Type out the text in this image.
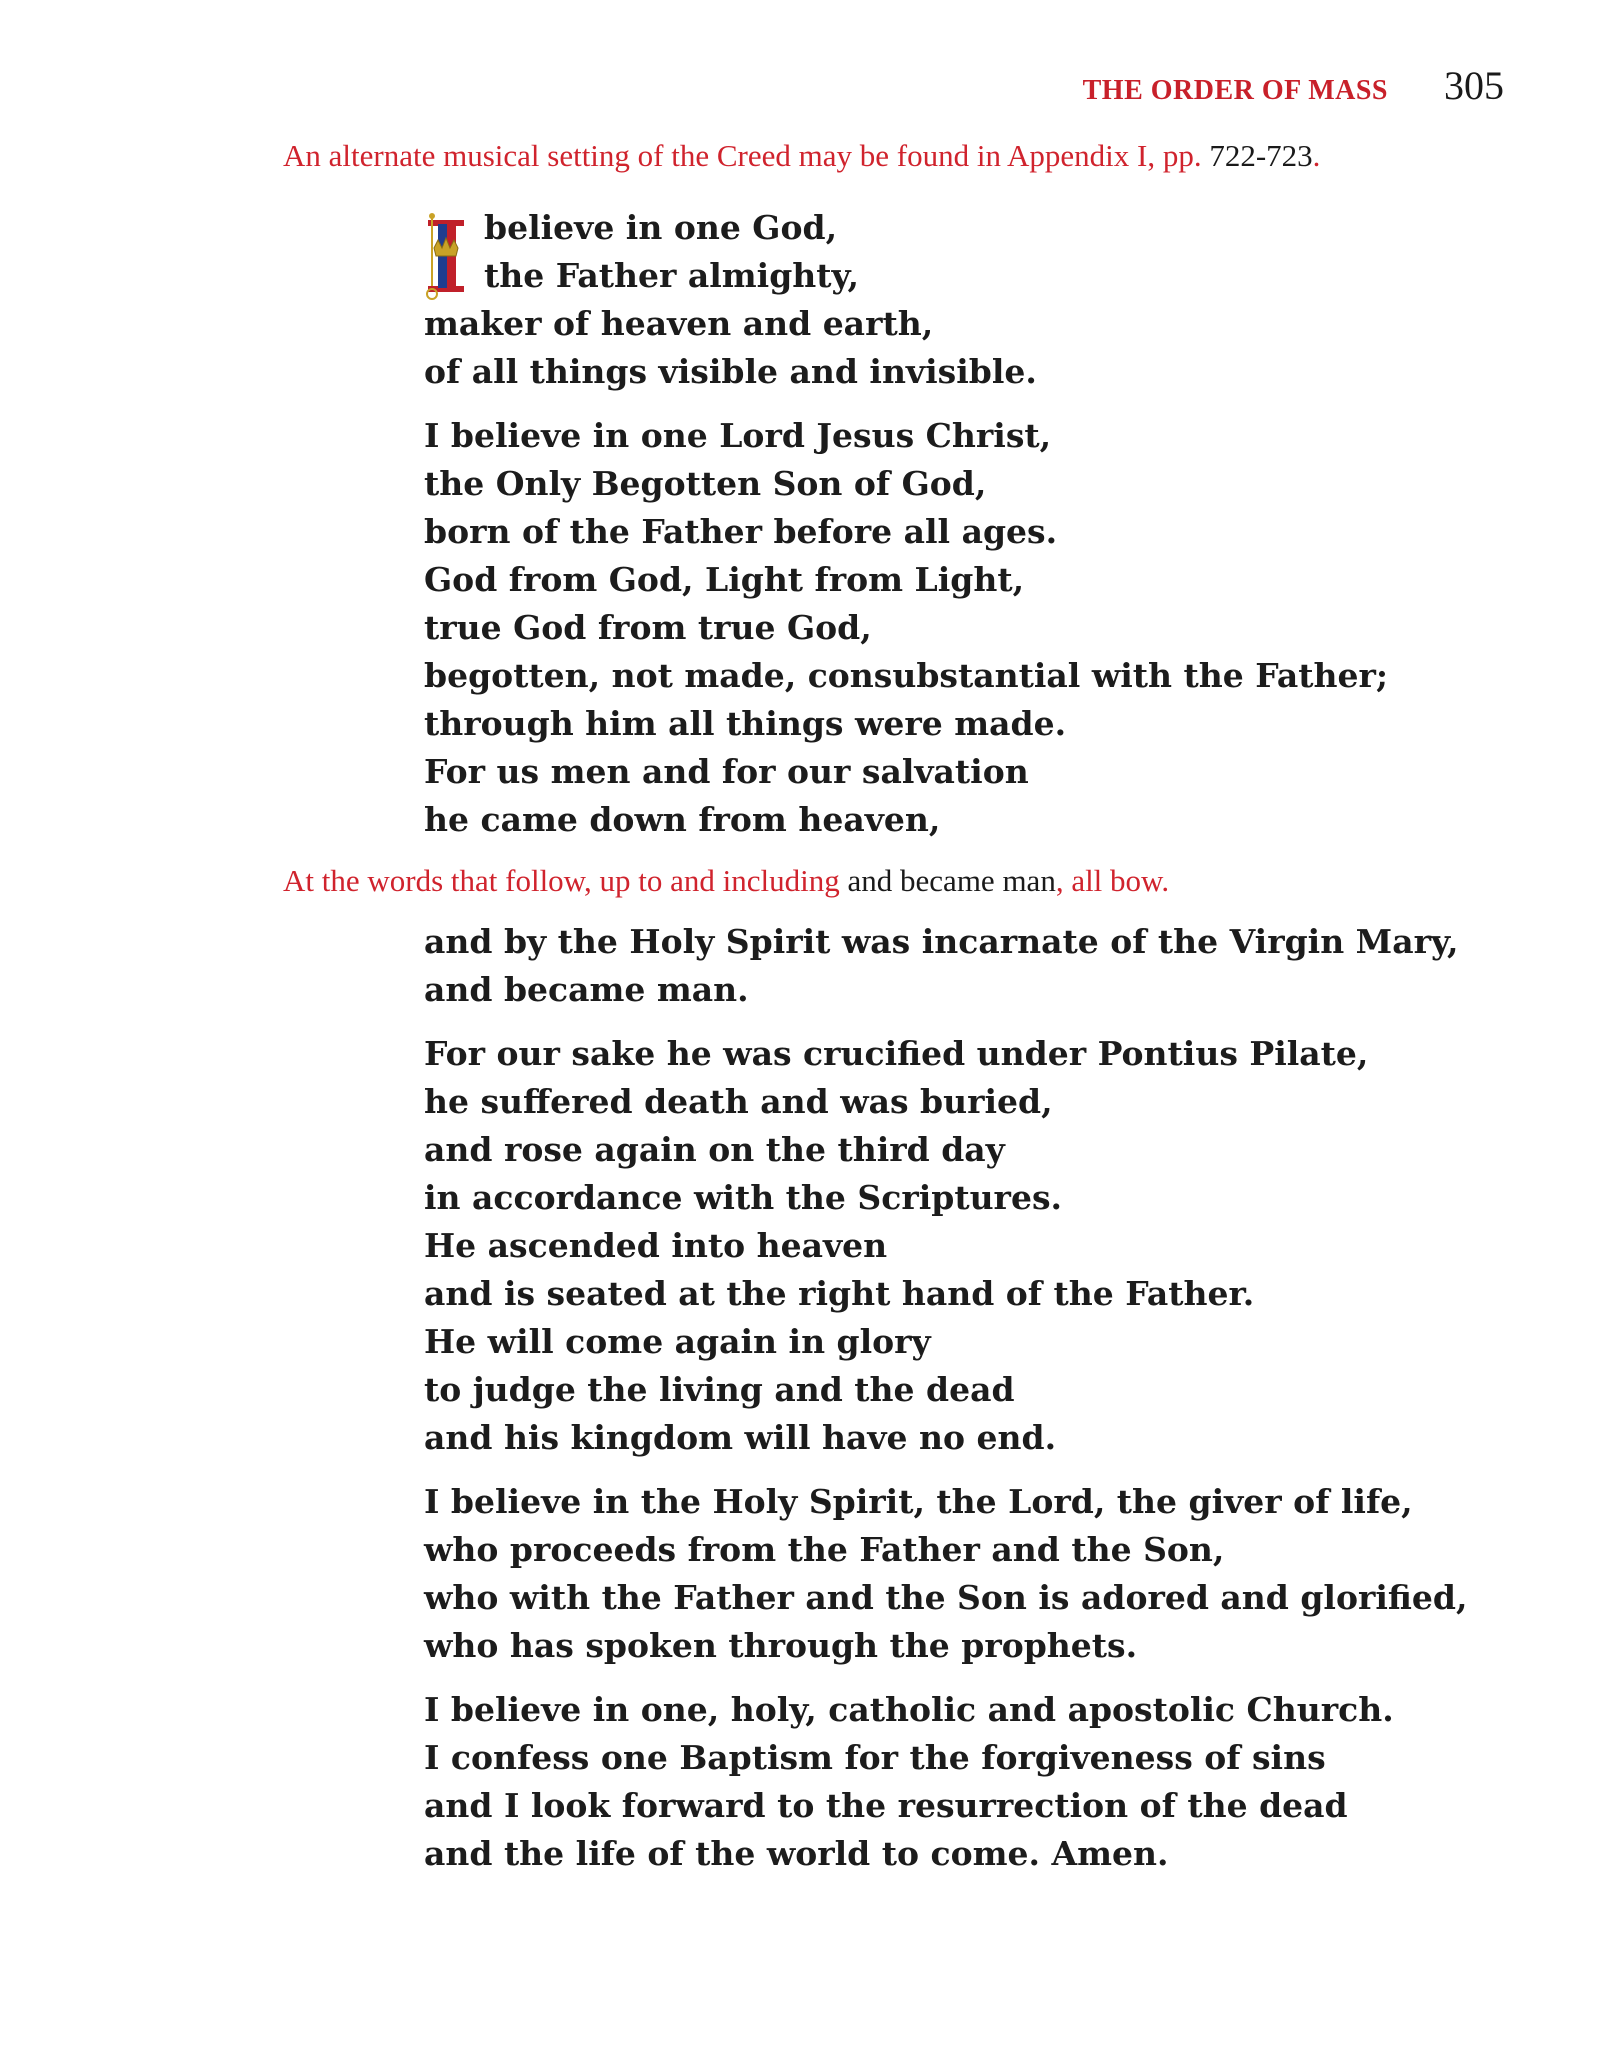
THE ORDER OF MASS 305
An alternate musical setting of the Creed may be found in Appendix I, pp. 722-723.
believe in one God,
the Father almighty,
maker of heaven and earth,
of all things visible and invisible.
I believe in one Lord Jesus Christ,
the Only Begotten Son of God,
born of the Father before all ages.
God from God, Light from Light,
true God from true God,
begotten, not made, consubstantial with the Father;
through him all things were made.
For us men and for our salvation
he came down from heaven,
At the words that follow, up to and including and became man, all bow.
and by the Holy Spirit was incarnate of the Virgin Mary,
and became man.
For our sake he was crucified under Pontius Pilate,
he suffered death and was buried,
and rose again on the third day
in accordance with the Scriptures.
He ascended into heaven
and is seated at the right hand of the Father.
He will come again in glory
to judge the living and the dead
and his kingdom will have no end.
I believe in the Holy Spirit, the Lord, the giver of life,
who proceeds from the Father and the Son,
who with the Father and the Son is adored and glorified,
who has spoken through the prophets.
I believe in one, holy, catholic and apostolic Church.
I confess one Baptism for the forgiveness of sins
and I look forward to the resurrection of the dead
and the life of the world to come. Amen.
